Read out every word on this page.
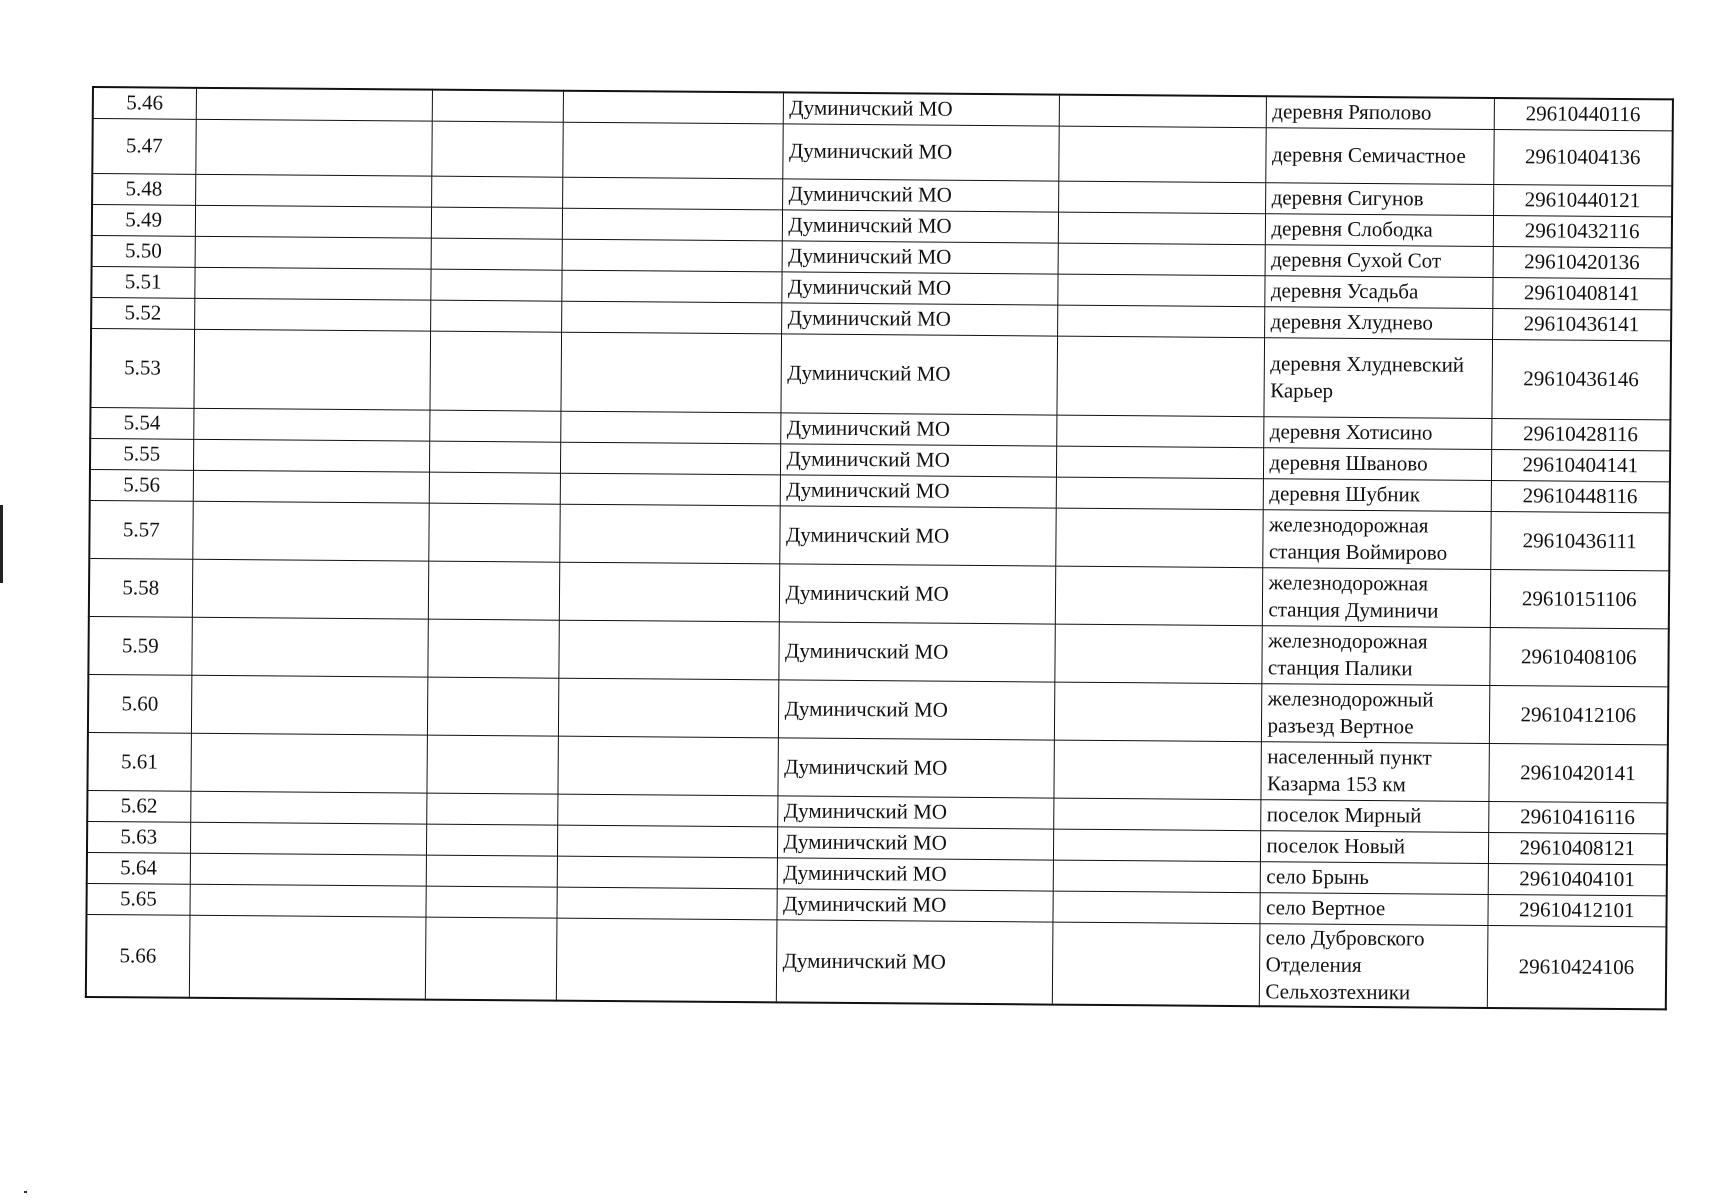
5.46				Думиничский МО		деревня Ряполово	29610440116
5.47				Думиничский МО		деревня Семичастное	29610404136
5.48				Думиничский МО		деревня Сигунов	29610440121
5.49				Думиничский МО		деревня Слободка	29610432116
5.50				Думиничский МО		деревня Сухой Сот	29610420136
5.51				Думиничский МО		деревня Усадьба	29610408141
5.52				Думиничский МО		деревня Хлуднево	29610436141
5.53				Думиничский МО		деревня Хлудневский Карьер	29610436146
5.54				Думиничский МО		деревня Хотисино	29610428116
5.55				Думиничский МО		деревня Шваново	29610404141
5.56				Думиничский МО		деревня Шубник	29610448116
5.57				Думиничский МО		железнодорожная станция Воймирово	29610436111
5.58				Думиничский МО		железнодорожная станция Думиничи	29610151106
5.59				Думиничский МО		железнодорожная станция Палики	29610408106
5.60				Думиничский МО		железнодорожный разъезд Вертное	29610412106
5.61				Думиничский МО		населенный пункт Казарма 153 км	29610420141
5.62				Думиничский МО		поселок Мирный	29610416116
5.63				Думиничский МО		поселок Новый	29610408121
5.64				Думиничский МО		село Брынь	29610404101
5.65				Думиничский МО		село Вертное	29610412101
5.66				Думиничский МО		село Дубровского Отделения Сельхозтехники	29610424106
